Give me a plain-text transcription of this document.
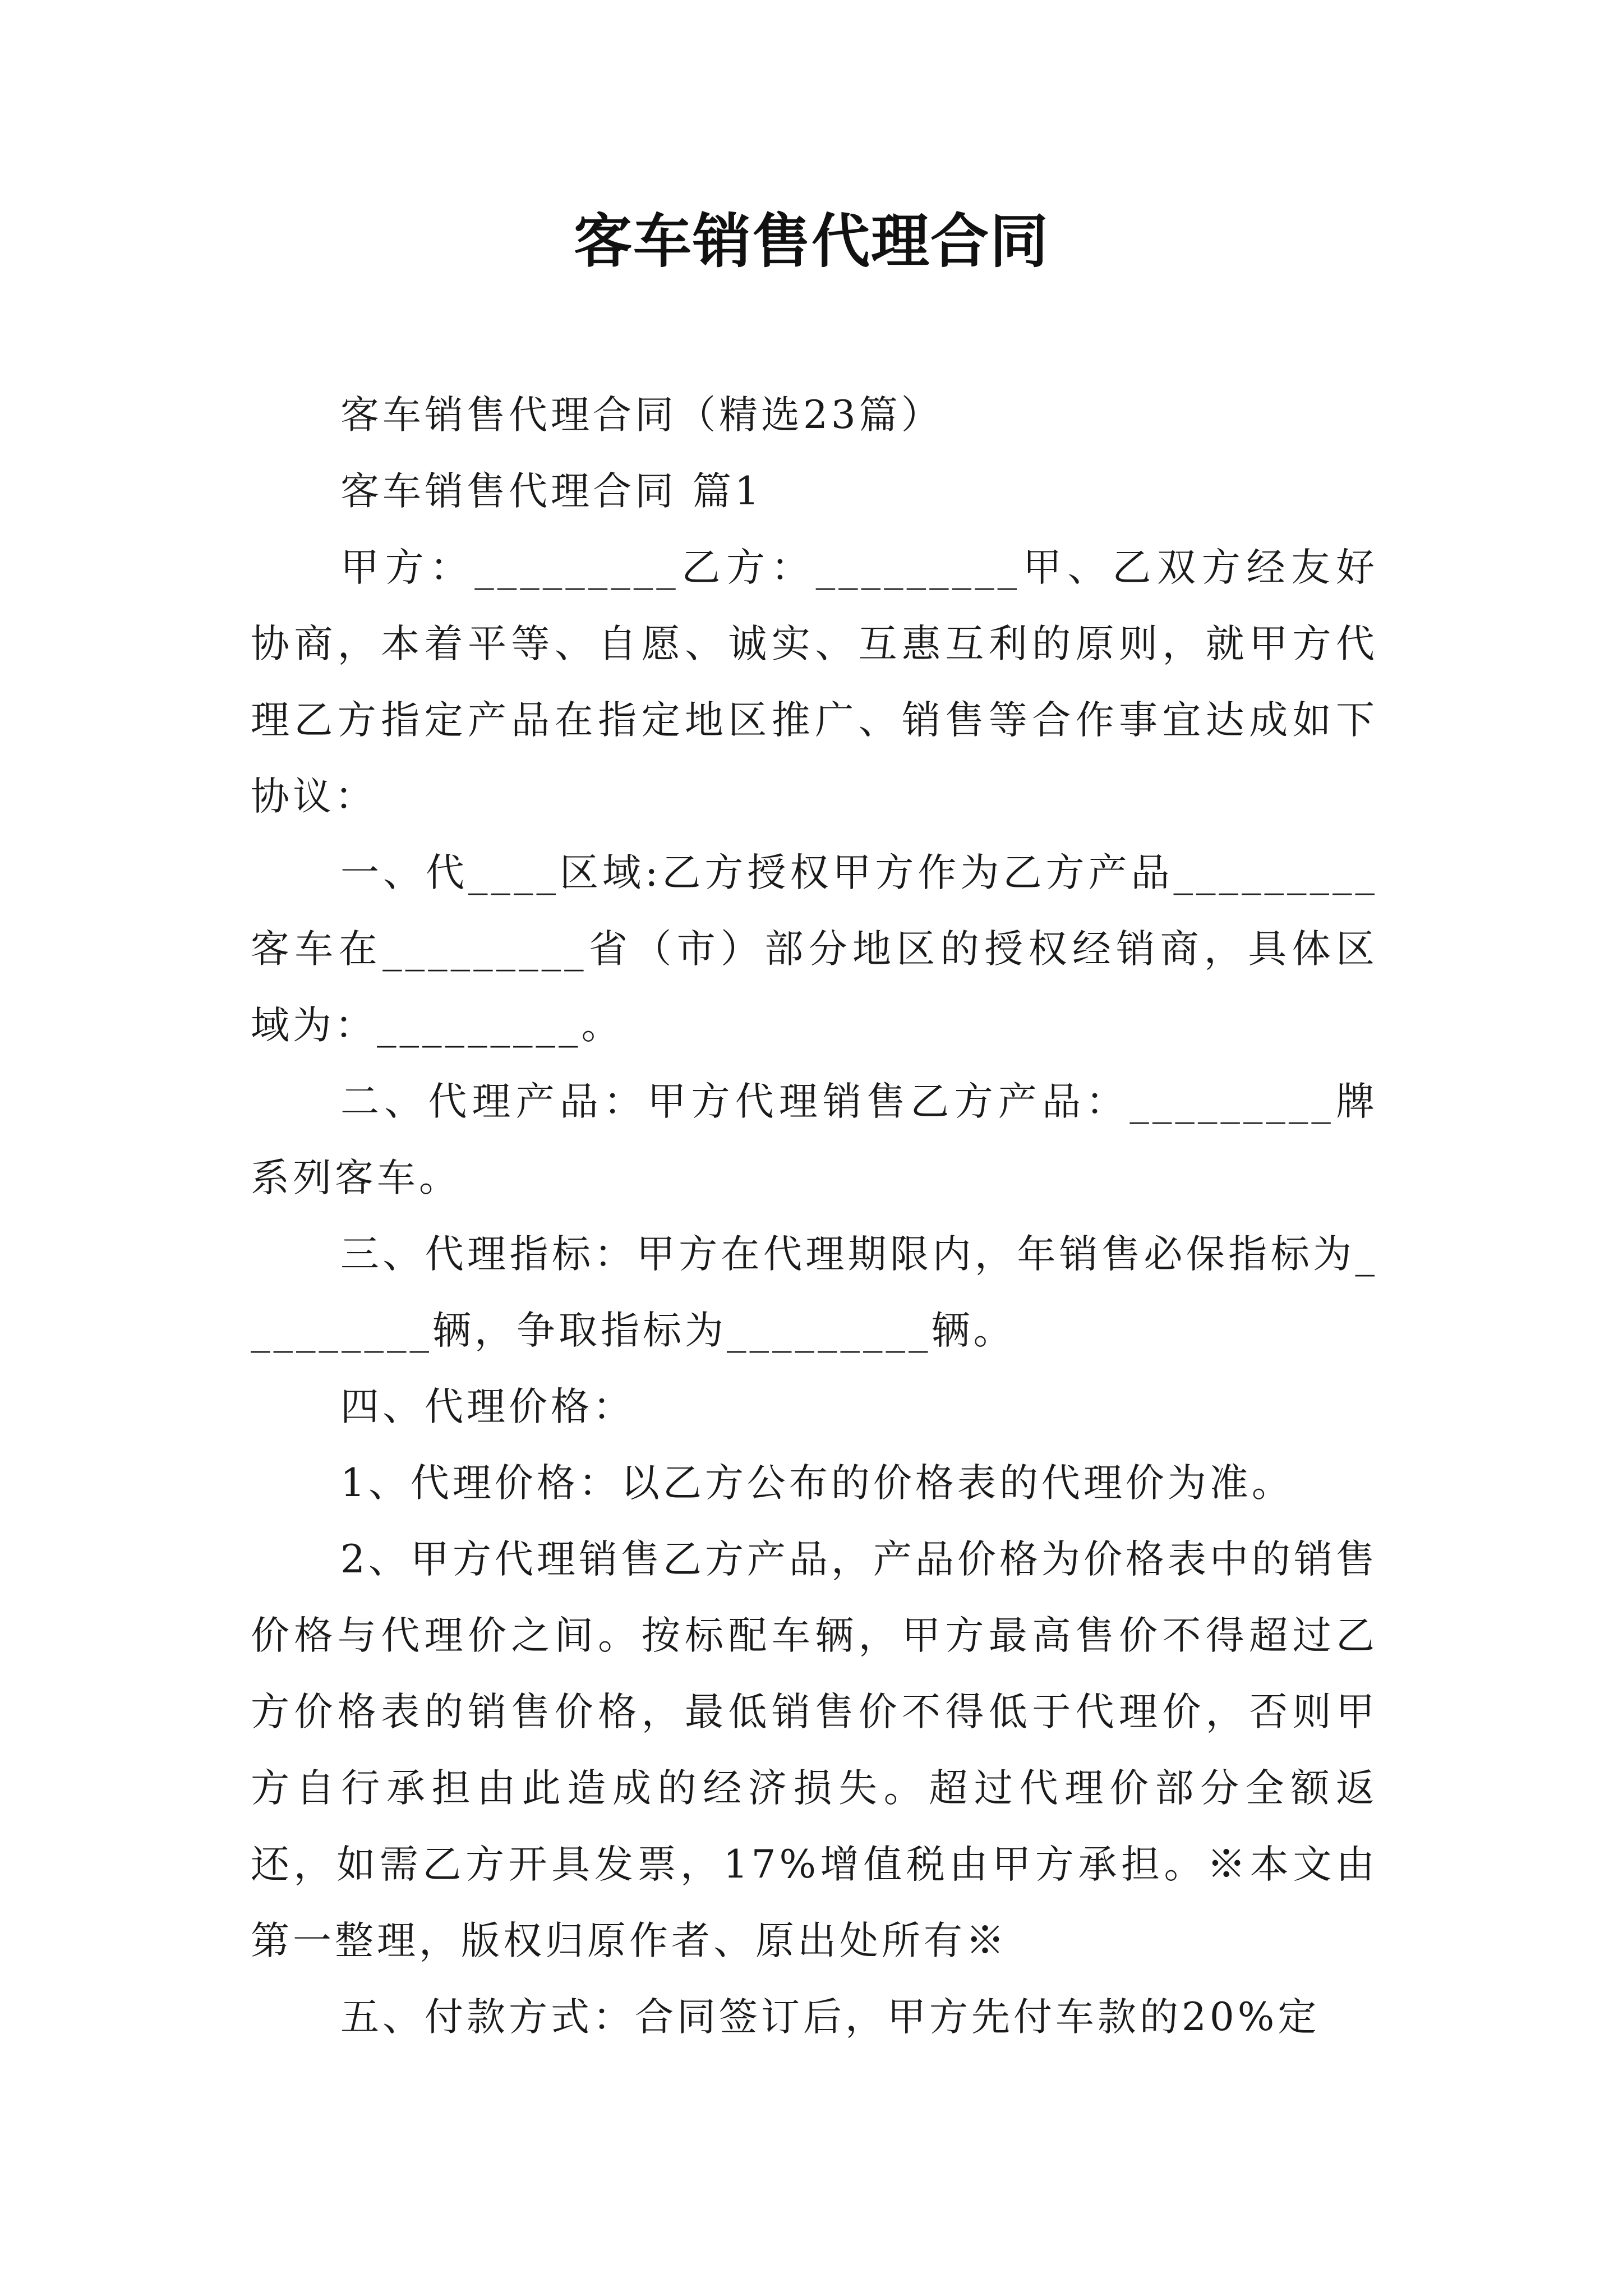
客车销售代理合同

客车销售代理合同（精选23篇）

客车销售代理合同 篇1

甲方：_________乙方：_________甲、乙双方经友好协商，本着平等、自愿、诚实、互惠互利的原则，就甲方代理乙方指定产品在指定地区推广、销售等合作事宜达成如下协议：

一、代____区域:乙方授权甲方作为乙方产品_________客车在_________省（市）部分地区的授权经销商，具体区域为：_________。

二、代理产品：甲方代理销售乙方产品：_________牌系列客车。

三、代理指标：甲方在代理期限内，年销售必保指标为_________辆，争取指标为_________辆。

四、代理价格：

1、代理价格：以乙方公布的价格表的代理价为准。

2、甲方代理销售乙方产品，产品价格为价格表中的销售价格与代理价之间。按标配车辆，甲方最高售价不得超过乙方价格表的销售价格，最低销售价不得低于代理价，否则甲方自行承担由此造成的经济损失。超过代理价部分全额返还，如需乙方开具发票，17%增值税由甲方承担。※本文由第一整理，版权归原作者、原出处所有※

五、付款方式：合同签订后，甲方先付车款的20%定
